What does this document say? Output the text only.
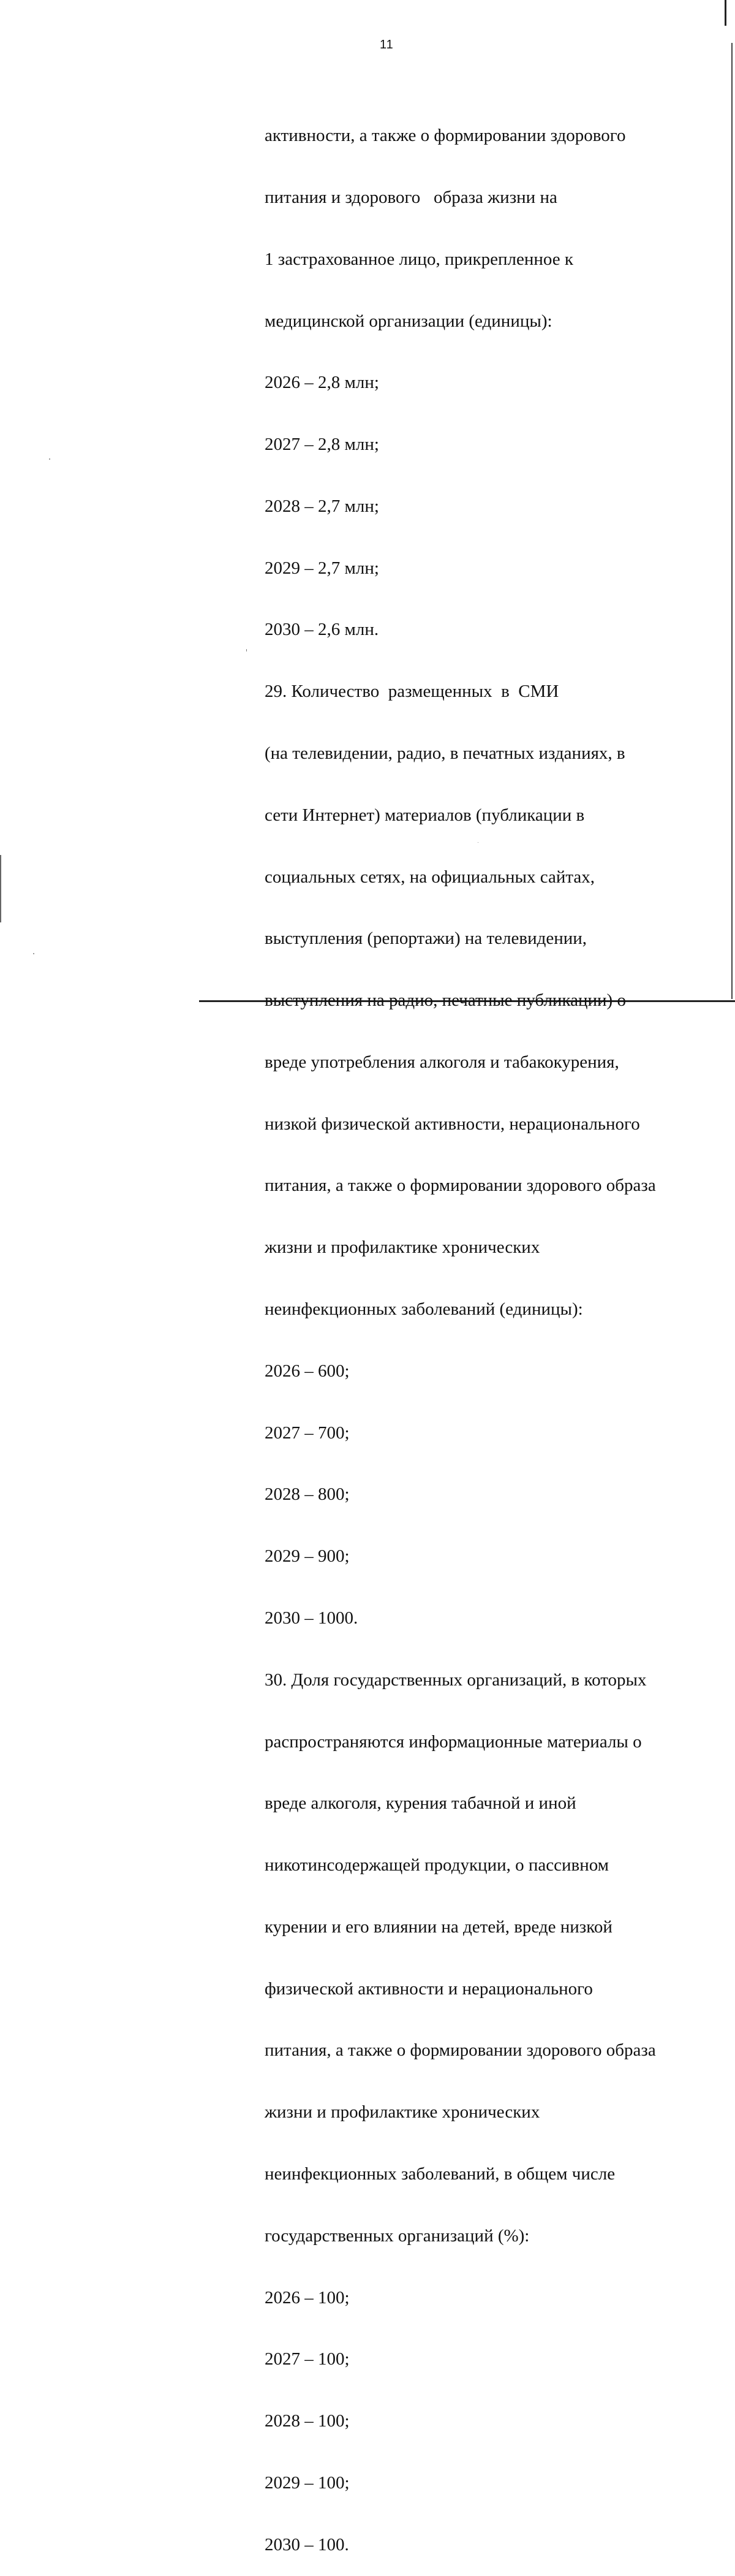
11

активности, а также о формировании здорового

питания и здорового   образа жизни на

1 застрахованное лицо, прикрепленное к

медицинской организации (единицы):

2026 – 2,8 млн;

2027 – 2,8 млн;

2028 – 2,7 млн;

2029 – 2,7 млн;

2030 – 2,6 млн.

29. Количество  размещенных  в  СМИ

(на телевидении, радио, в печатных изданиях, в

сети Интернет) материалов (публикации в

социальных сетях, на официальных сайтах,

выступления (репортажи) на телевидении,

выступления на радио, печатные публикации) о

вреде употребления алкоголя и табакокурения,

низкой физической активности, нерационального

питания, а также о формировании здорового образа

жизни и профилактике хронических

неинфекционных заболеваний (единицы):

2026 – 600;

2027 – 700;

2028 – 800;

2029 – 900;

2030 – 1000.

30. Доля государственных организаций, в которых

распространяются информационные материалы о

вреде алкоголя, курения табачной и иной

никотинсодержащей продукции, о пассивном

курении и его влиянии на детей, вреде низкой

физической активности и нерационального

питания, а также о формировании здорового образа

жизни и профилактике хронических

неинфекционных заболеваний, в общем числе

государственных организаций (%):

2026 – 100;

2027 – 100;

2028 – 100;

2029 – 100;

2030 – 100.
